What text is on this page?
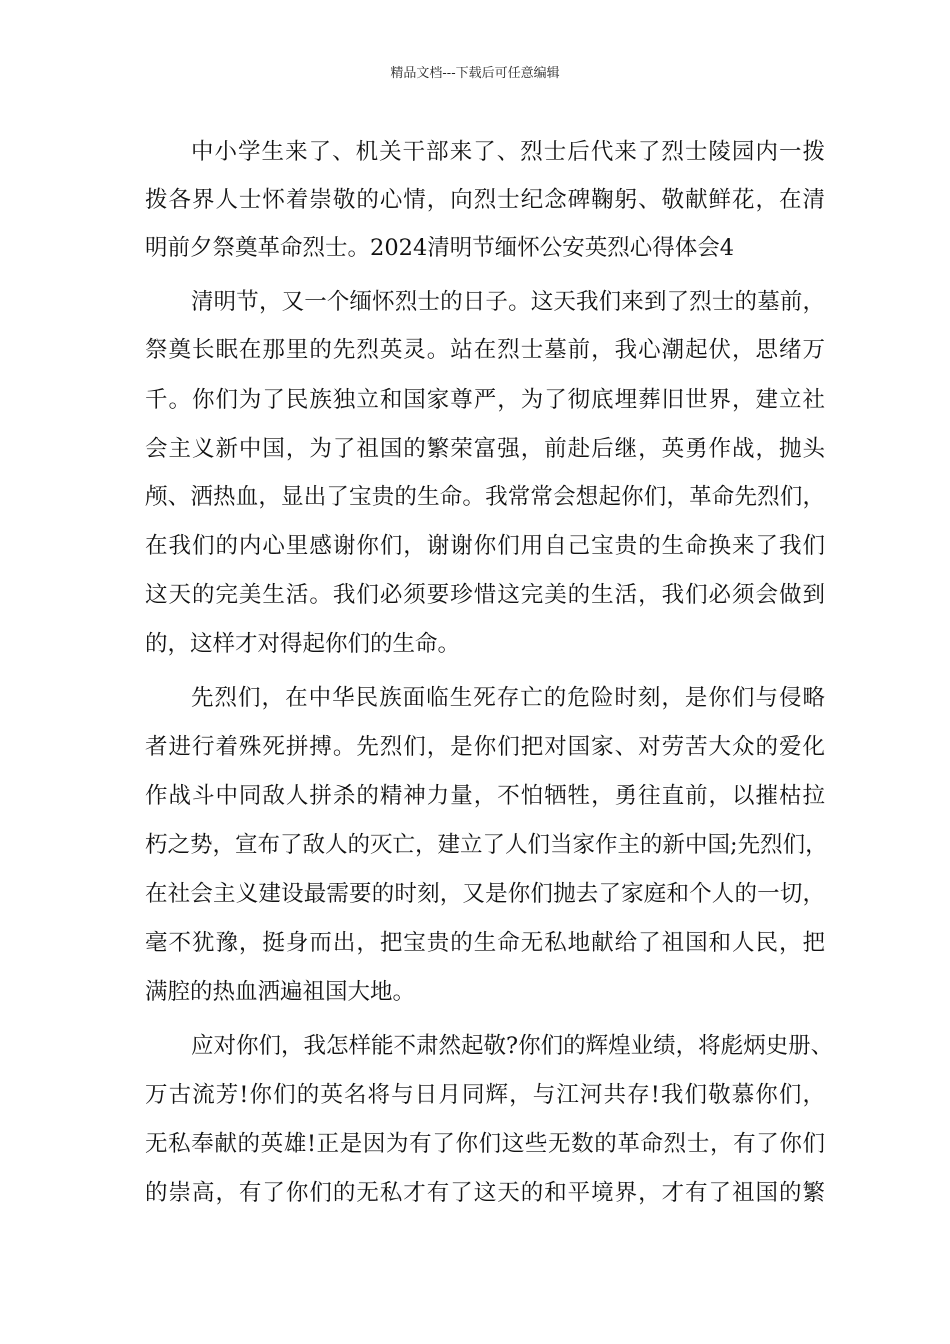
精品文档---下载后可任意编辑
中小学生来了、机关干部来了、烈士后代来了烈士陵园内一拨
拨各界人士怀着崇敬的心情，向烈士纪念碑鞠躬、敬献鲜花，在清
明前夕祭奠革命烈士。2024清明节缅怀公安英烈心得体会4
清明节，又一个缅怀烈士的日子。这天我们来到了烈士的墓前，
祭奠长眠在那里的先烈英灵。站在烈士墓前，我心潮起伏，思绪万
千。你们为了民族独立和国家尊严，为了彻底埋葬旧世界，建立社
会主义新中国，为了祖国的繁荣富强，前赴后继，英勇作战，抛头
颅、洒热血，显出了宝贵的生命。我常常会想起你们，革命先烈们，
在我们的内心里感谢你们，谢谢你们用自己宝贵的生命换来了我们
这天的完美生活。我们必须要珍惜这完美的生活，我们必须会做到
的，这样才对得起你们的生命。
先烈们，在中华民族面临生死存亡的危险时刻，是你们与侵略
者进行着殊死拼搏。先烈们，是你们把对国家、对劳苦大众的爱化
作战斗中同敌人拼杀的精神力量，不怕牺牲，勇往直前，以摧枯拉
朽之势，宣布了敌人的灭亡，建立了人们当家作主的新中国;先烈们，
在社会主义建设最需要的时刻，又是你们抛去了家庭和个人的一切，
毫不犹豫，挺身而出，把宝贵的生命无私地献给了祖国和人民，把
满腔的热血洒遍祖国大地。
应对你们，我怎样能不肃然起敬?你们的辉煌业绩，将彪炳史册、
万古流芳!你们的英名将与日月同辉，与江河共存!我们敬慕你们，
无私奉献的英雄!正是因为有了你们这些无数的革命烈士，有了你们
的崇高，有了你们的无私才有了这天的和平境界，才有了祖国的繁
